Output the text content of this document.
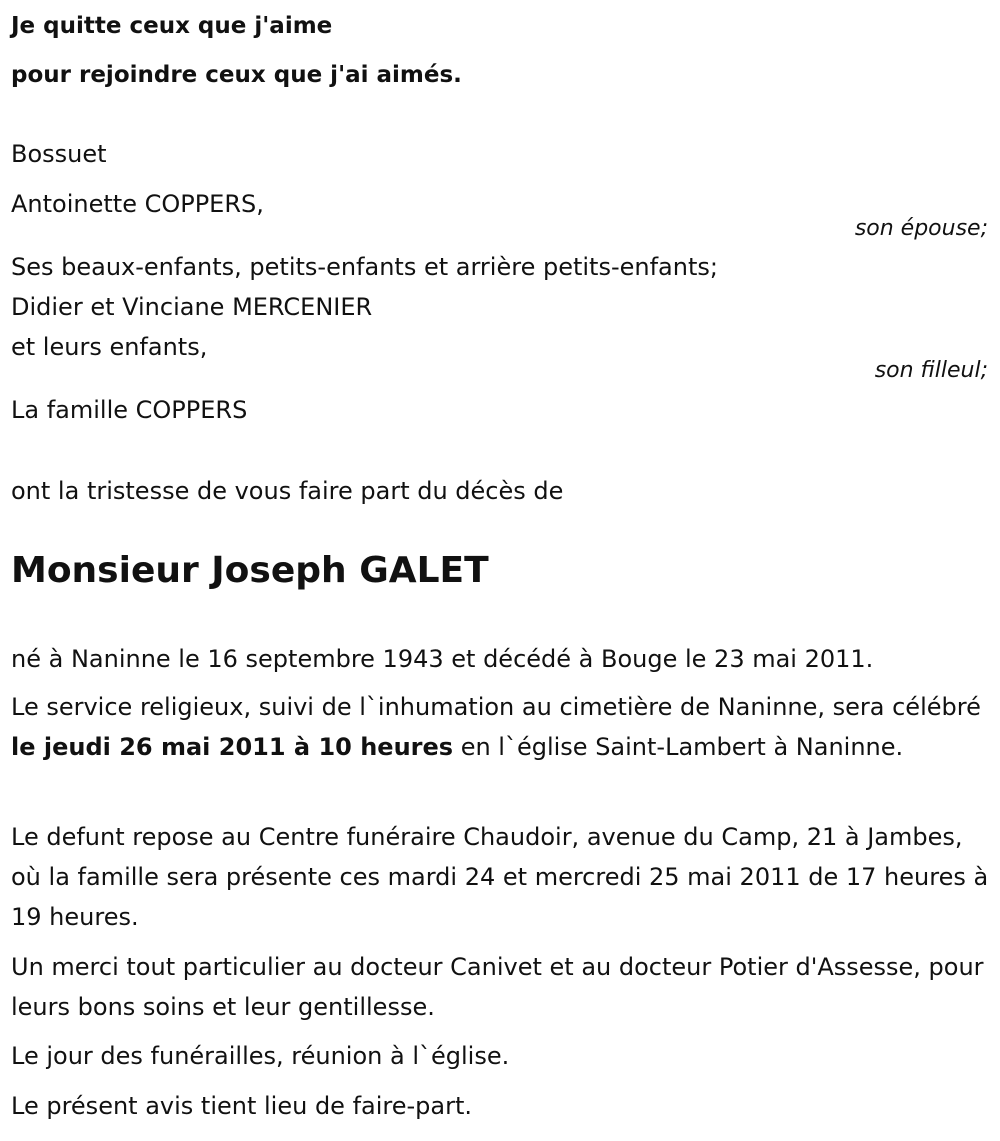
Je quitte ceux que j'aime

pour rejoindre ceux que j'ai aimés.

Bossuet

Antoinette COPPERS,

son épouse;

Ses beaux-enfants, petits-enfants et arrière petits-enfants;

Didier et Vinciane MERCENIER

et leurs enfants,

son filleul;

La famille COPPERS

ont la tristesse de vous faire part du décès de

Monsieur Joseph GALET

né à Naninne le 16 septembre 1943 et décédé à Bouge le 23 mai 2011.

Le service religieux, suivi de l`inhumation au cimetière de Naninne, sera célébré le jeudi 26 mai 2011 à 10 heures en l`église Saint-Lambert à Naninne.

Le defunt repose au Centre funéraire Chaudoir, avenue du Camp, 21 à Jambes, où la famille sera présente ces mardi 24 et mercredi 25 mai 2011 de 17 heures à 19 heures.

Un merci tout particulier au docteur Canivet et au docteur Potier d'Assesse, pour leurs bons soins et leur gentillesse.

Le jour des funérailles, réunion à l`église.

Le présent avis tient lieu de faire-part.
